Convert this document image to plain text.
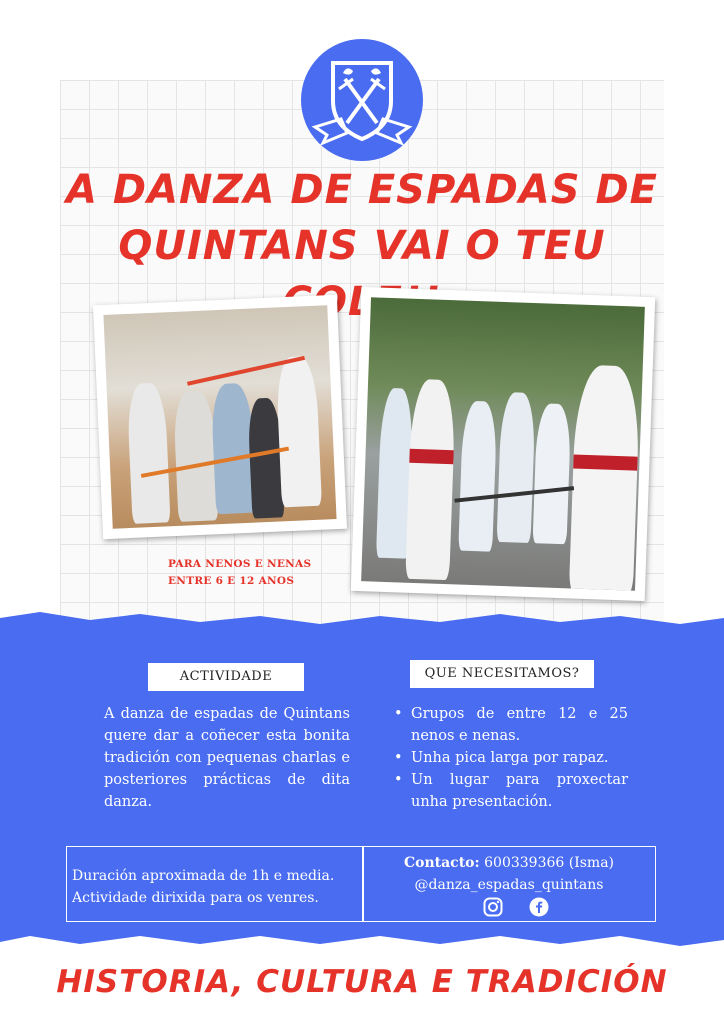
A DANZA DE ESPADAS DE
QUINTANS VAI O TEU
PARA NENOS E NENAS
ENTRE 6 E 12 ANOS
ACTIVIDADE	QUE NECESITAMOS?

A danza de espadas de Quintans quere dar a coñecer esta bonita tradición con pequenas charlas e posteriores prácticas de dita danza.

• Grupos de entre 12 e 25 nenos e nenas.
• Unha pica larga por rapaz.
• Un lugar para proxectar unha presentación.
Duración aproximada de 1h e media.
Actividade dirixida para os venres.
Contacto: 600339366 (Isma)
@danza_espadas_quintans
HISTORIA, CULTURA E TRADICIÓN
